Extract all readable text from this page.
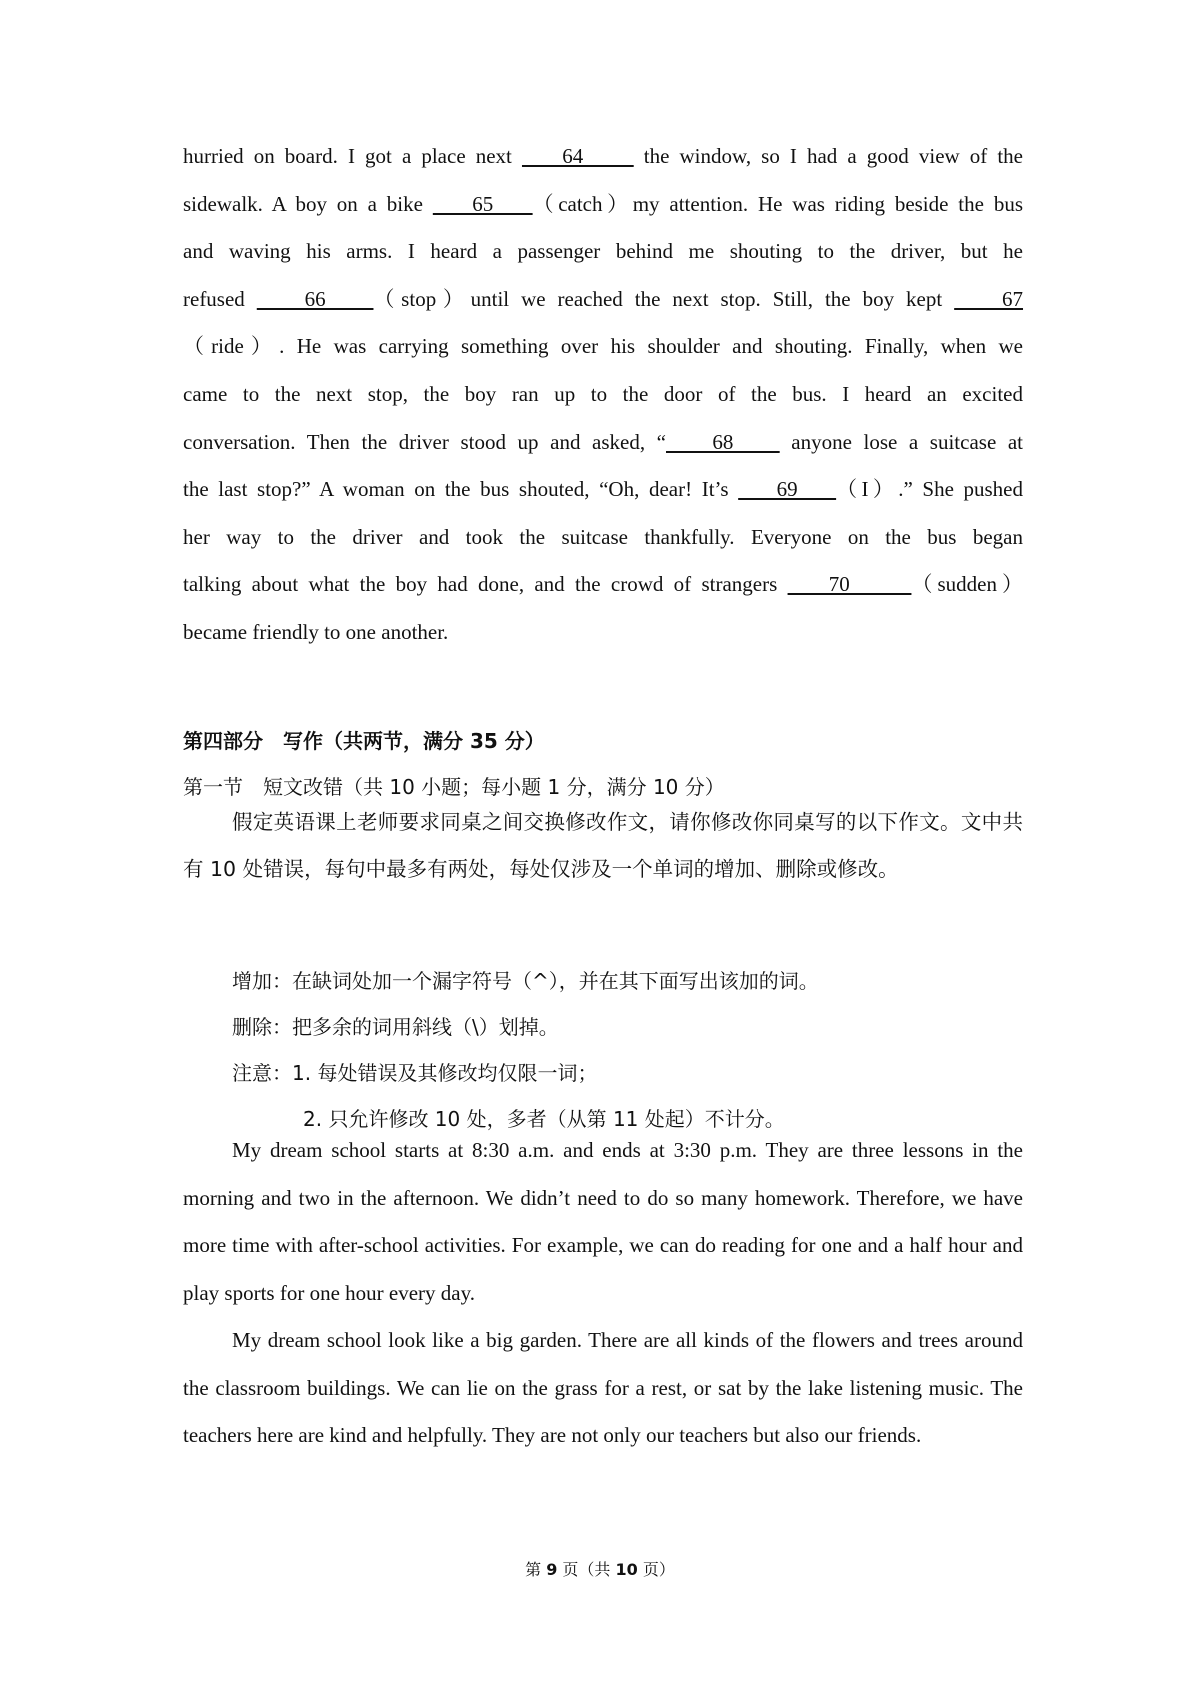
hurried on board. I got a place next     64      the window, so I had a good view of the
sidewalk. A boy on a bike     65    （catch）my attention. He was riding beside the bus
and waving his arms. I heard a passenger behind me shouting to the driver, but he
refused     66    （stop）until we reached the next stop. Still, the boy kept     67
（ride）. He was carrying something over his shoulder and shouting. Finally, when we
came to the next stop, the boy ran up to the door of the bus. I heard an excited
conversation. Then the driver stood up and asked, “    68     anyone lose a suitcase at
the last stop?” A woman on the bus shouted, “Oh, dear! It’s     69    （I）.” She pushed
her way to the driver and took the suitcase thankfully. Everyone on the bus began
talking about what the boy had done, and the crowd of strangers     70      （sudden）
became friendly to one another.

第四部分　写作（共两节，满分 35 分）

第一节　短文改错（共 10 小题；每小题 1 分，满分 10 分）

假定英语课上老师要求同桌之间交换修改作文，请你修改你同桌写的以下作文。文中共有 10 处错误，每句中最多有两处，每处仅涉及一个单词的增加、删除或修改。

增加：在缺词处加一个漏字符号（^），并在其下面写出该加的词。

删除：把多余的词用斜线（\）划掉。

注意：1. 每处错误及其修改均仅限一词；

2. 只允许修改 10 处，多者（从第 11 处起）不计分。

My dream school starts at 8:30 a.m. and ends at 3:30 p.m. They are three lessons in the morning and two in the afternoon. We didn’t need to do so many homework. Therefore, we have more time with after-school activities. For example, we can do reading for one and a half hour and play sports for one hour every day.

My dream school look like a big garden. There are all kinds of the flowers and trees around the classroom buildings. We can lie on the grass for a rest, or sat by the lake listening music. The teachers here are kind and helpfully. They are not only our teachers but also our friends.

第 9 页（共 10 页）
